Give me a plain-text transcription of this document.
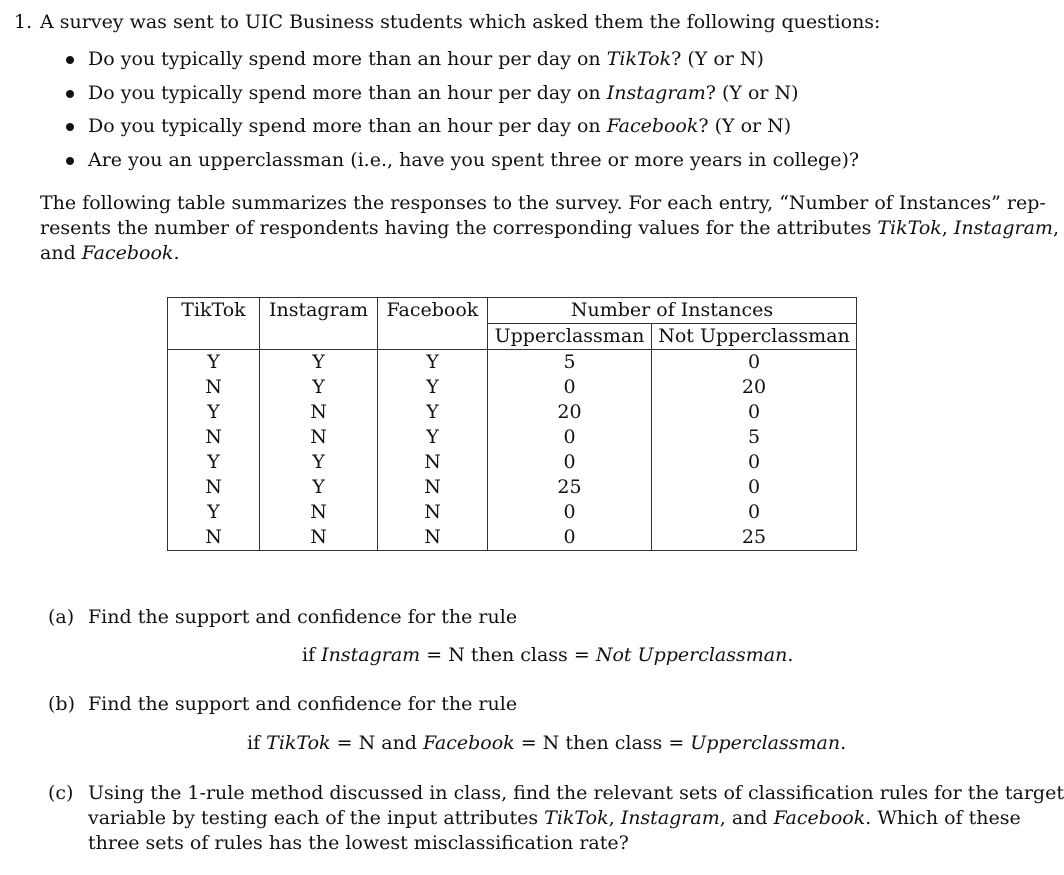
1. A survey was sent to UIC Business students which asked them the following questions:
Do you typically spend more than an hour per day on TikTok? (Y or N)
Do you typically spend more than an hour per day on Instagram? (Y or N)
Do you typically spend more than an hour per day on Facebook? (Y or N)
Are you an upperclassman (i.e., have you spent three or more years in college)?
The following table summarizes the responses to the survey. For each entry, “Number of Instances” rep-
resents the number of respondents having the corresponding values for the attributes TikTok, Instagram,
and Facebook.
TikTok	Instagram	Facebook	Number of Instances	
			Upperclassman	Not Upperclassman
Y	Y	Y	5	0
N	Y	Y	0	20
Y	N	Y	20	0
N	N	Y	0	5
Y	Y	N	0	0
N	Y	N	25	0
Y	N	N	0	0
N	N	N	0	25
(a) Find the support and confidence for the rule
if Instagram = N then class = Not Upperclassman.
(b) Find the support and confidence for the rule
if TikTok = N and Facebook = N then class = Upperclassman.
(c) Using the 1-rule method discussed in class, find the relevant sets of classification rules for the target
variable by testing each of the input attributes TikTok, Instagram, and Facebook. Which of these
three sets of rules has the lowest misclassification rate?
